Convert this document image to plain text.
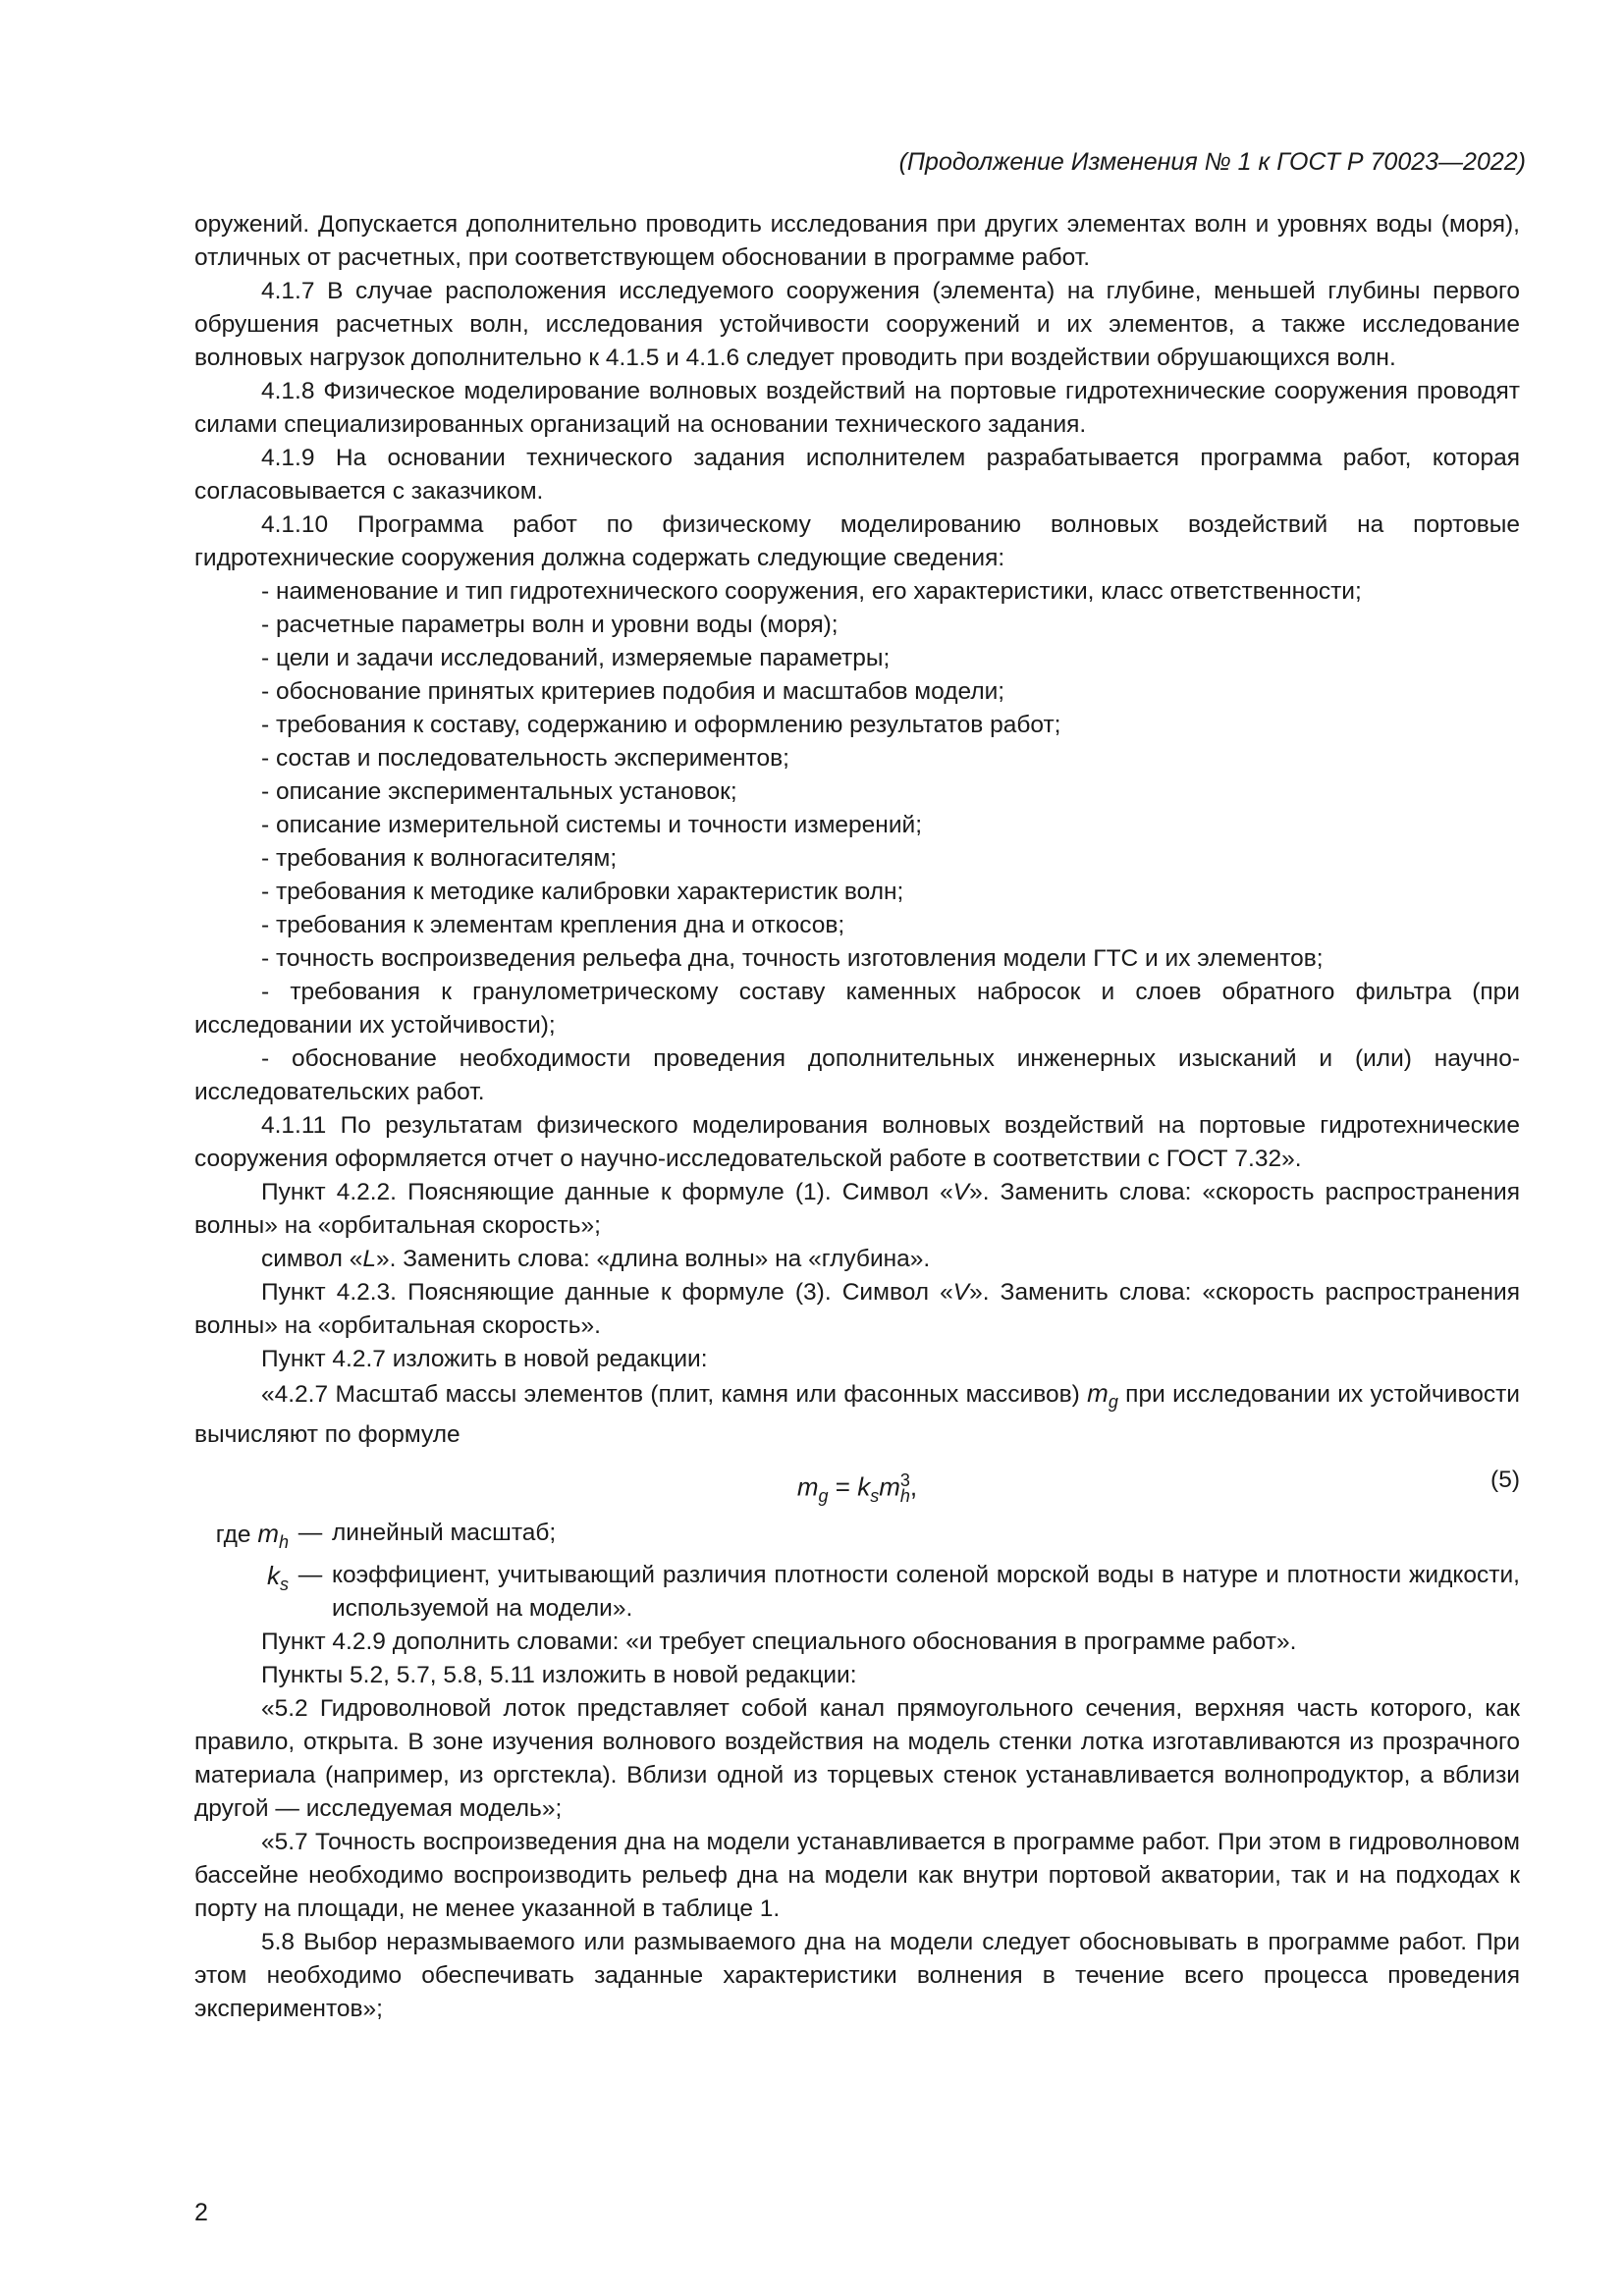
(Продолжение Изменения № 1 к ГОСТ Р 70023—2022)

оружений. Допускается дополнительно проводить исследования при других элементах волн и уровнях воды (моря), отличных от расчетных, при соответствующем обосновании в программе работ.

4.1.7 В случае расположения исследуемого сооружения (элемента) на глубине, меньшей глубины первого обрушения расчетных волн, исследования устойчивости сооружений и их элементов, а также исследование волновых нагрузок дополнительно к 4.1.5 и 4.1.6 следует проводить при воздействии обрушающихся волн.

4.1.8 Физическое моделирование волновых воздействий на портовые гидротехнические сооружения проводят силами специализированных организаций на основании технического задания.

4.1.9 На основании технического задания исполнителем разрабатывается программа работ, которая согласовывается с заказчиком.

4.1.10 Программа работ по физическому моделированию волновых воздействий на портовые гидротехнические сооружения должна содержать следующие сведения:

- наименование и тип гидротехнического сооружения, его характеристики, класс ответственности;

- расчетные параметры волн и уровни воды (моря);

- цели и задачи исследований, измеряемые параметры;

- обоснование принятых критериев подобия и масштабов модели;

- требования к составу, содержанию и оформлению результатов работ;

- состав и последовательность экспериментов;

- описание экспериментальных установок;

- описание измерительной системы и точности измерений;

- требования к волногасителям;

- требования к методике калибровки характеристик волн;

- требования к элементам крепления дна и откосов;

- точность воспроизведения рельефа дна, точность изготовления модели ГТС и их элементов;

- требования к гранулометрическому составу каменных набросок и слоев обратного фильтра (при исследовании их устойчивости);

- обоснование необходимости проведения дополнительных инженерных изысканий и (или) научно-исследовательских работ.

4.1.11 По результатам физического моделирования волновых воздействий на портовые гидротехнические сооружения оформляется отчет о научно-исследовательской работе в соответствии с ГОСТ 7.32».

Пункт 4.2.2. Поясняющие данные к формуле (1). Символ «V». Заменить слова: «скорость распространения волны» на «орбитальная скорость»;

символ «L». Заменить слова: «длина волны» на «глубина».

Пункт 4.2.3. Поясняющие данные к формуле (3). Символ «V». Заменить слова: «скорость распространения волны» на «орбитальная скорость».

Пункт 4.2.7 изложить в новой редакции:

«4.2.7 Масштаб массы элементов (плит, камня или фасонных массивов) $m_g$ при исследовании их устойчивости вычисляют по формуле

$m_g = k_sm^3_h$,	(5)
где $m_h$ — линейный масштаб;
$k_s$ — коэффициент, учитывающий различия плотности соленой морской воды в натуре и плотности жидкости, используемой на модели».

Пункт 4.2.9 дополнить словами: «и требует специального обоснования в программе работ».

Пункты 5.2, 5.7, 5.8, 5.11 изложить в новой редакции:

«5.2 Гидроволновой лоток представляет собой канал прямоугольного сечения, верхняя часть которого, как правило, открыта. В зоне изучения волнового воздействия на модель стенки лотка изготавливаются из прозрачного материала (например, из оргстекла). Вблизи одной из торцевых стенок устанавливается волнопродуктор, а вблизи другой — исследуемая модель»;

«5.7 Точность воспроизведения дна на модели устанавливается в программе работ. При этом в гидроволновом бассейне необходимо воспроизводить рельеф дна на модели как внутри портовой акватории, так и на подходах к порту на площади, не менее указанной в таблице 1.

5.8 Выбор неразмываемого или размываемого дна на модели следует обосновывать в программе работ. При этом необходимо обеспечивать заданные характеристики волнения в течение всего процесса проведения экспериментов»;

2
